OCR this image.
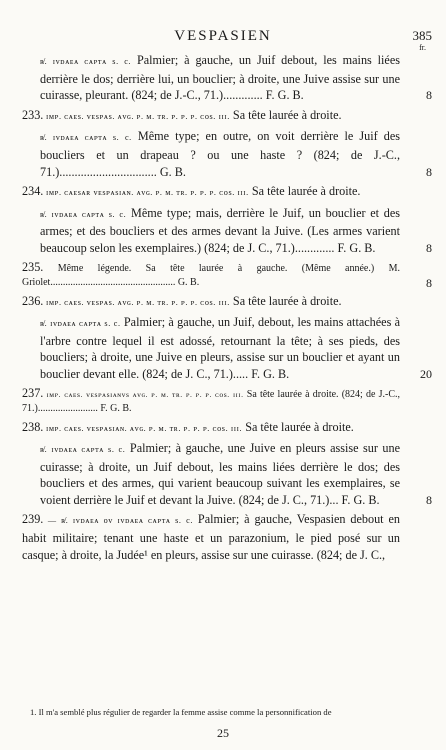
VESPASIEN	385
fr.
ʀ̸. ɪᴠᴅᴀᴇᴀ ᴄᴀᴘᴛᴀ s. c. Palmier; à gauche, un Juif debout, les mains liées derrière le dos; derrière lui, un bouclier; à droite, une Juive assise sur une cuirasse, pleurant. (824; de J.-C., 71.)............. F. G. B.	8
233. ɪᴍᴘ. ᴄᴀᴇs. ᴠᴇsᴘᴀs. ᴀᴠɢ. ᴘ. ᴍ. ᴛʀ. ᴘ. ᴘ. ᴘ. ᴄᴏs. ɪɪɪ. Sa tête laurée à droite.
ʀ̸. ɪᴠᴅᴀᴇᴀ ᴄᴀᴘᴛᴀ s. c. Même type; en outre, on voit derrière le Juif des boucliers et un drapeau ? ou une haste ? (824; de J.-C., 71.)................................ G. B.	8
234. ɪᴍᴘ. ᴄᴀᴇsᴀʀ ᴠᴇsᴘᴀsɪᴀɴ. ᴀᴠɢ. ᴘ. ᴍ. ᴛʀ. ᴘ. ᴘ. ᴘ. ᴄᴏs. ɪɪɪ. Sa tête laurée à droite.
ʀ̸. ɪᴠᴅᴀᴇᴀ ᴄᴀᴘᴛᴀ s. c. Même type; mais, derrière le Juif, un bouclier et des armes; et des boucliers et des armes devant la Juive. (Les armes varient beaucoup selon les exemplaires.) (824; de J. C., 71.)............. F. G. B.	8
235. Même légende. Sa tête laurée à gauche. (Même année.) M. Griolet.................................................. G. B.	8
236. ɪᴍᴘ. ᴄᴀᴇs. ᴠᴇsᴘᴀs. ᴀᴠɢ. ᴘ. ᴍ. ᴛʀ. ᴘ. ᴘ. ᴘ. ᴄᴏs. ɪɪɪ. Sa tête laurée à droite.
ʀ̸. ɪᴠᴅᴀᴇᴀ ᴄᴀᴘᴛᴀ s. c. Palmier; à gauche, un Juif, debout, les mains attachées à l'arbre contre lequel il est adossé, retournant la tête; à ses pieds, des boucliers; à droite, une Juive en pleurs, assise sur un bouclier et ayant un bouclier devant elle. (824; de J. C., 71.)..... F. G. B.	20
237. ɪᴍᴘ. ᴄᴀᴇs. ᴠᴇsᴘᴀsɪᴀɴᴠs ᴀᴠɢ. ᴘ. ᴍ. ᴛʀ. ᴘ. ᴘ. ᴘ. ᴄᴏs. ɪɪɪ. Sa tête laurée à droite. (824; de J.-C., 71.)........................ F. G. B.
238. ɪᴍᴘ. ᴄᴀᴇs. ᴠᴇsᴘᴀsɪᴀɴ. ᴀᴠɢ. ᴘ. ᴍ. ᴛʀ. ᴘ. ᴘ. ᴘ. ᴄᴏs. ɪɪɪ. Sa tête laurée à droite.
ʀ̸. ɪᴠᴅᴀᴇᴀ ᴄᴀᴘᴛᴀ s. c. Palmier; à gauche, une Juive en pleurs assise sur une cuirasse; à droite, un Juif debout, les mains liées derrière le dos; des boucliers et des armes, qui varient beaucoup suivant les exemplaires, se voient derrière le Juif et devant la Juive. (824; de J. C., 71.)... F. G. B.	8
239. — ʀ̸. ɪᴠᴅᴀᴇᴀ ᴏᴠ ɪᴠᴅᴀᴇᴀ ᴄᴀᴘᴛᴀ s. c. Palmier; à gauche, Vespasien debout en habit militaire; tenant une haste et un parazonium, le pied posé sur un casque; à droite, la Judée¹ en pleurs, assise sur une cuirasse. (824; de J. C.,
1. Il m'a semblé plus régulier de regarder la femme assise comme la personnification de
25
